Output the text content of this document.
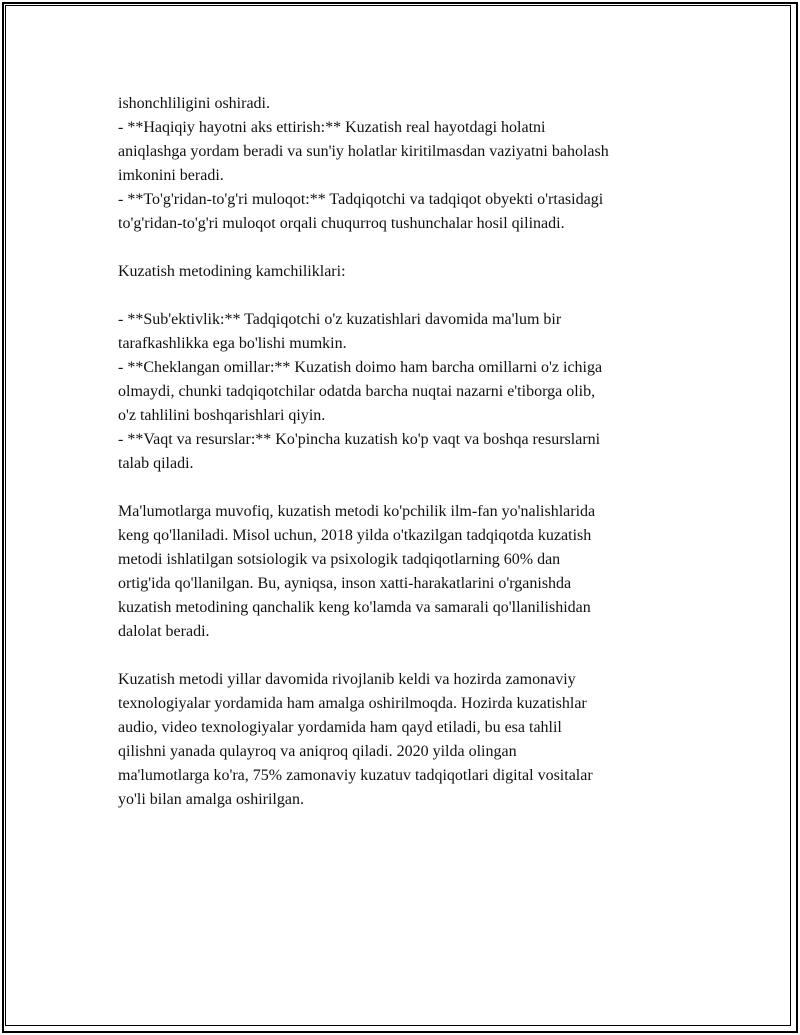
ishonchliligini oshiradi.
- **Haqiqiy hayotni aks ettirish:** Kuzatish real hayotdagi holatni
aniqlashga yordam beradi va sun'iy holatlar kiritilmasdan vaziyatni baholash
imkonini beradi.
- **To'g'ridan-to'g'ri muloqot:** Tadqiqotchi va tadqiqot obyekti o'rtasidagi
to'g'ridan-to'g'ri muloqot orqali chuqurroq tushunchalar hosil qilinadi.
Kuzatish metodining kamchiliklari:
- **Sub'ektivlik:** Tadqiqotchi o'z kuzatishlari davomida ma'lum bir
tarafkashlikka ega bo'lishi mumkin.
- **Cheklangan omillar:** Kuzatish doimo ham barcha omillarni o'z ichiga
olmaydi, chunki tadqiqotchilar odatda barcha nuqtai nazarni e'tiborga olib,
o'z tahlilini boshqarishlari qiyin.
- **Vaqt va resurslar:** Ko'pincha kuzatish ko'p vaqt va boshqa resurslarni
talab qiladi.
Ma'lumotlarga muvofiq, kuzatish metodi ko'pchilik ilm-fan yo'nalishlarida
keng qo'llaniladi. Misol uchun, 2018 yilda o'tkazilgan tadqiqotda kuzatish
metodi ishlatilgan sotsiologik va psixologik tadqiqotlarning 60% dan
ortig'ida qo'llanilgan. Bu, ayniqsa, inson xatti-harakatlarini o'rganishda
kuzatish metodining qanchalik keng ko'lamda va samarali qo'llanilishidan
dalolat beradi.
Kuzatish metodi yillar davomida rivojlanib keldi va hozirda zamonaviy
texnologiyalar yordamida ham amalga oshirilmoqda. Hozirda kuzatishlar
audio, video texnologiyalar yordamida ham qayd etiladi, bu esa tahlil
qilishni yanada qulayroq va aniqroq qiladi. 2020 yilda olingan
ma'lumotlarga ko'ra, 75% zamonaviy kuzatuv tadqiqotlari digital vositalar
yo'li bilan amalga oshirilgan.
